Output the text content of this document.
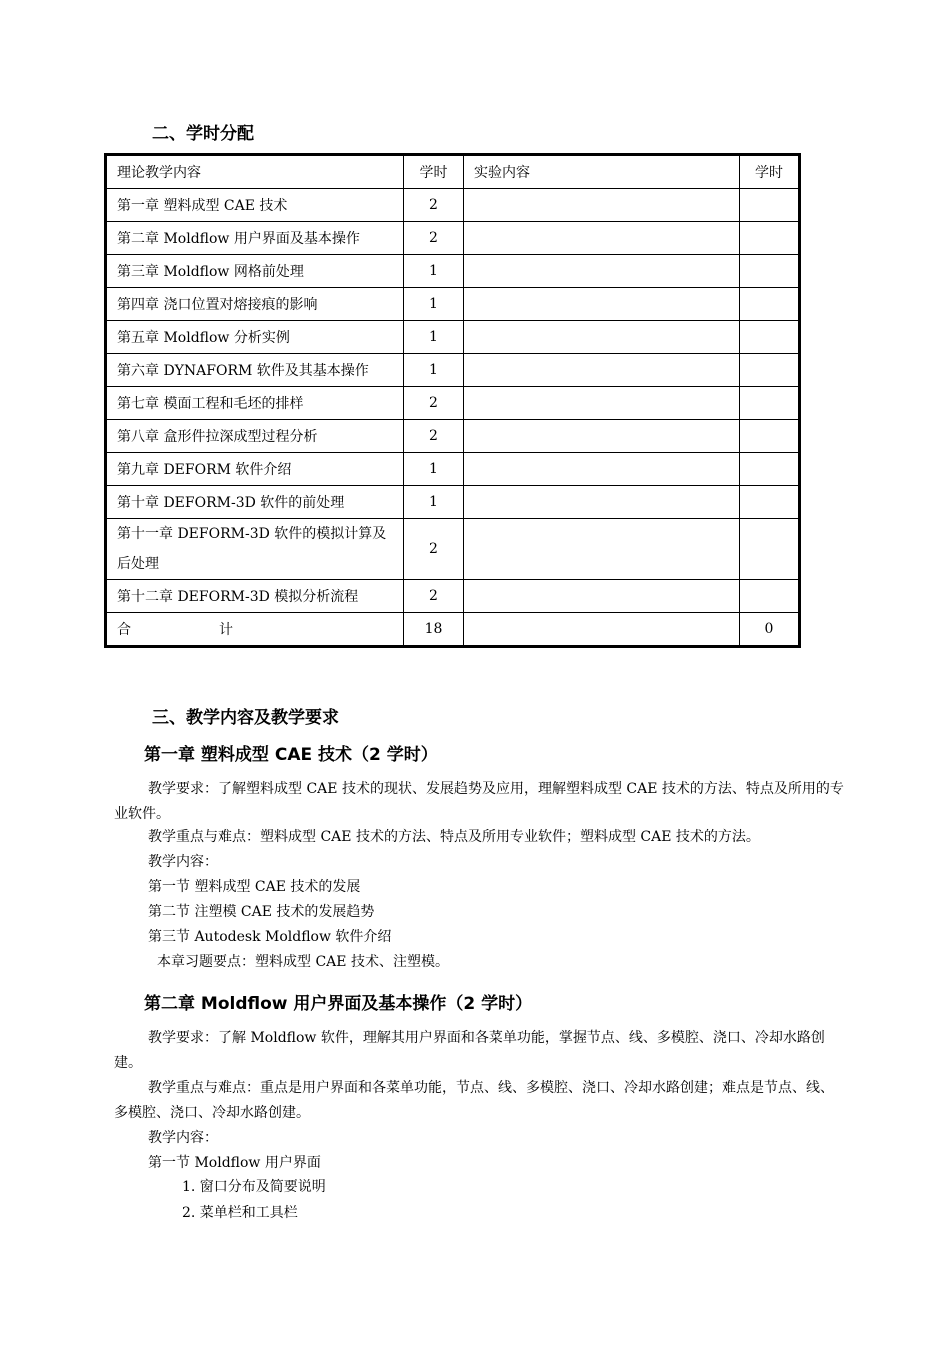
二、学时分配
理论教学内容	学时	实验内容	学时
第一章 塑料成型 CAE 技术	2		
第二章 Moldflow 用户界面及基本操作	2		
第三章 Moldflow 网格前处理	1		
第四章 浇口位置对熔接痕的影响	1		
第五章 Moldflow 分析实例	1		
第六章 DYNAFORM 软件及其基本操作	1		
第七章 模面工程和毛坯的排样	2		
第八章 盒形件拉深成型过程分析	2		
第九章 DEFORM 软件介绍	1		
第十章 DEFORM-3D 软件的前处理	1		
第十一章 DEFORM-3D 软件的模拟计算及后处理	2		
第十二章 DEFORM-3D 模拟分析流程	2		

合 计	18		0
三、教学内容及教学要求
第一章 塑料成型 CAE 技术（2 学时）
教学要求：了解塑料成型 CAE 技术的现状、发展趋势及应用，理解塑料成型 CAE 技术的方法、特点及所用的专业软件。
教学重点与难点：塑料成型 CAE 技术的方法、特点及所用专业软件；塑料成型 CAE 技术的方法。
教学内容：
第一节 塑料成型 CAE 技术的发展
第二节 注塑模 CAE 技术的发展趋势
第三节 Autodesk Moldflow 软件介绍
本章习题要点：塑料成型 CAE 技术、注塑模。
第二章 Moldflow 用户界面及基本操作（2 学时）
教学要求：了解 Moldflow 软件，理解其用户界面和各菜单功能，掌握节点、线、多模腔、浇口、冷却水路创建。
教学重点与难点：重点是用户界面和各菜单功能，节点、线、多模腔、浇口、冷却水路创建；难点是节点、线、多模腔、浇口、冷却水路创建。
教学内容：
第一节 Moldflow 用户界面
1. 窗口分布及简要说明
2. 菜单栏和工具栏
